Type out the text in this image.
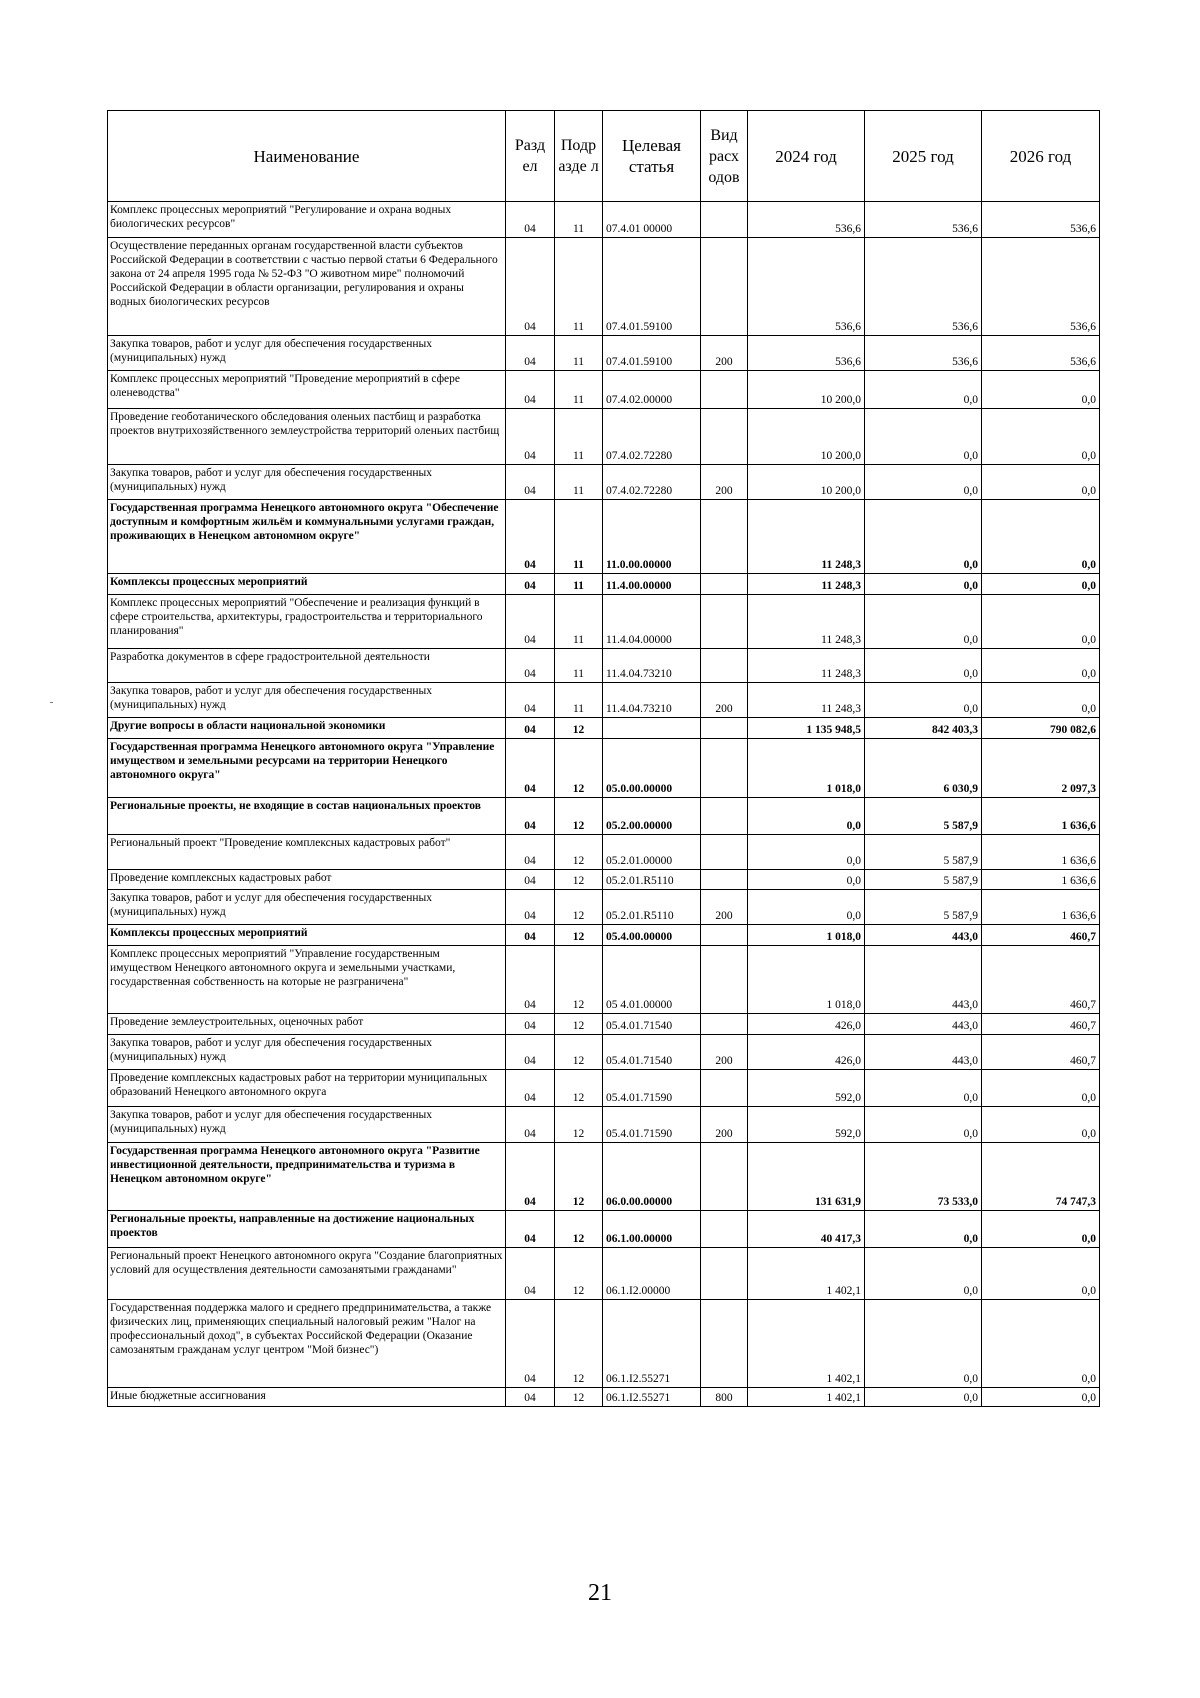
Наименование	Разд ел	Подр азде л	Целевая статья	Вид расх одов	2024 год	2025 год	2026 год
Комплекс процессных мероприятий "Регулирование и охрана водных биологических ресурсов"	04	11	07.4.01 00000		536,6	536,6	536,6
Осуществление переданных органам государственной власти субъектов Российской Федерации в соответствии с частью первой статьи 6 Федерального закона от 24 апреля 1995 года № 52-ФЗ "О животном мире" полномочий Российской Федерации в области организации, регулирования и охраны водных биологических ресурсов	04	11	07.4.01.59100		536,6	536,6	536,6
Закупка товаров, работ и услуг для обеспечения государственных (муниципальных) нужд	04	11	07.4.01.59100	200	536,6	536,6	536,6
Комплекс процессных мероприятий "Проведение мероприятий в сфере оленеводства"	04	11	07.4.02.00000		10 200,0	0,0	0,0
Проведение геоботанического обследования оленьих пастбищ и разработка проектов внутрихозяйственного землеустройства территорий оленьих пастбищ	04	11	07.4.02.72280		10 200,0	0,0	0,0
Закупка товаров, работ и услуг для обеспечения государственных (муниципальных) нужд	04	11	07.4.02.72280	200	10 200,0	0,0	0,0
Государственная программа Ненецкого автономного округа "Обеспечение доступным и комфортным жильём и коммунальными услугами граждан, проживающих в Ненецком автономном округе"	04	11	11.0.00.00000		11 248,3	0,0	0,0
Комплексы процессных мероприятий	04	11	11.4.00.00000		11 248,3	0,0	0,0
Комплекс процессных мероприятий "Обеспечение и реализация функций в сфере строительства, архитектуры, градостроительства и территориального планирования"	04	11	11.4.04.00000		11 248,3	0,0	0,0
Разработка документов в сфере градостроительной деятельности	04	11	11.4.04.73210		11 248,3	0,0	0,0
Закупка товаров, работ и услуг для обеспечения государственных (муниципальных) нужд	04	11	11.4.04.73210	200	11 248,3	0,0	0,0
Другие вопросы в области национальной экономики	04	12			1 135 948,5	842 403,3	790 082,6
Государственная программа Ненецкого автономного округа "Управление имуществом и земельными ресурсами на территории Ненецкого автономного округа"	04	12	05.0.00.00000		1 018,0	6 030,9	2 097,3
Региональные проекты, не входящие в состав национальных проектов	04	12	05.2.00.00000		0,0	5 587,9	1 636,6
Региональный проект "Проведение комплексных кадастровых работ"	04	12	05.2.01.00000		0,0	5 587,9	1 636,6
Проведение комплексных кадастровых работ	04	12	05.2.01.R5110		0,0	5 587,9	1 636,6
Закупка товаров, работ и услуг для обеспечения государственных (муниципальных) нужд	04	12	05.2.01.R5110	200	0,0	5 587,9	1 636,6
Комплексы процессных мероприятий	04	12	05.4.00.00000		1 018,0	443,0	460,7
Комплекс процессных мероприятий "Управление государственным имуществом Ненецкого автономного округа и земельными участками, государственная собственность на которые не разграничена"	04	12	05 4.01.00000		1 018,0	443,0	460,7
Проведение землеустроительных, оценочных работ	04	12	05.4.01.71540		426,0	443,0	460,7
Закупка товаров, работ и услуг для обеспечения государственных (муниципальных) нужд	04	12	05.4.01.71540	200	426,0	443,0	460,7
Проведение комплексных кадастровых работ на территории муниципальных образований Ненецкого автономного округа	04	12	05.4.01.71590		592,0	0,0	0,0
Закупка товаров, работ и услуг для обеспечения государственных (муниципальных) нужд	04	12	05.4.01.71590	200	592,0	0,0	0,0
Государственная программа Ненецкого автономного округа "Развитие инвестиционной деятельности, предпринимательства и туризма в Ненецком автономном округе"	04	12	06.0.00.00000		131 631,9	73 533,0	74 747,3
Региональные проекты, направленные на достижение национальных проектов	04	12	06.1.00.00000		40 417,3	0,0	0,0
Региональный проект Ненецкого автономного округа "Создание благоприятных условий для осуществления деятельности самозанятыми гражданами"	04	12	06.1.I2.00000		1 402,1	0,0	0,0
Государственная поддержка малого и среднего предпринимательства, а также физических лиц, применяющих специальный налоговый режим "Налог на профессиональный доход", в субъектах Российской Федерации (Оказание самозанятым гражданам услуг центром "Мой бизнес")	04	12	06.1.I2.55271		1 402,1	0,0	0,0
Иные бюджетные ассигнования	04	12	06.1.I2.55271	800	1 402,1	0,0	0,0
21
